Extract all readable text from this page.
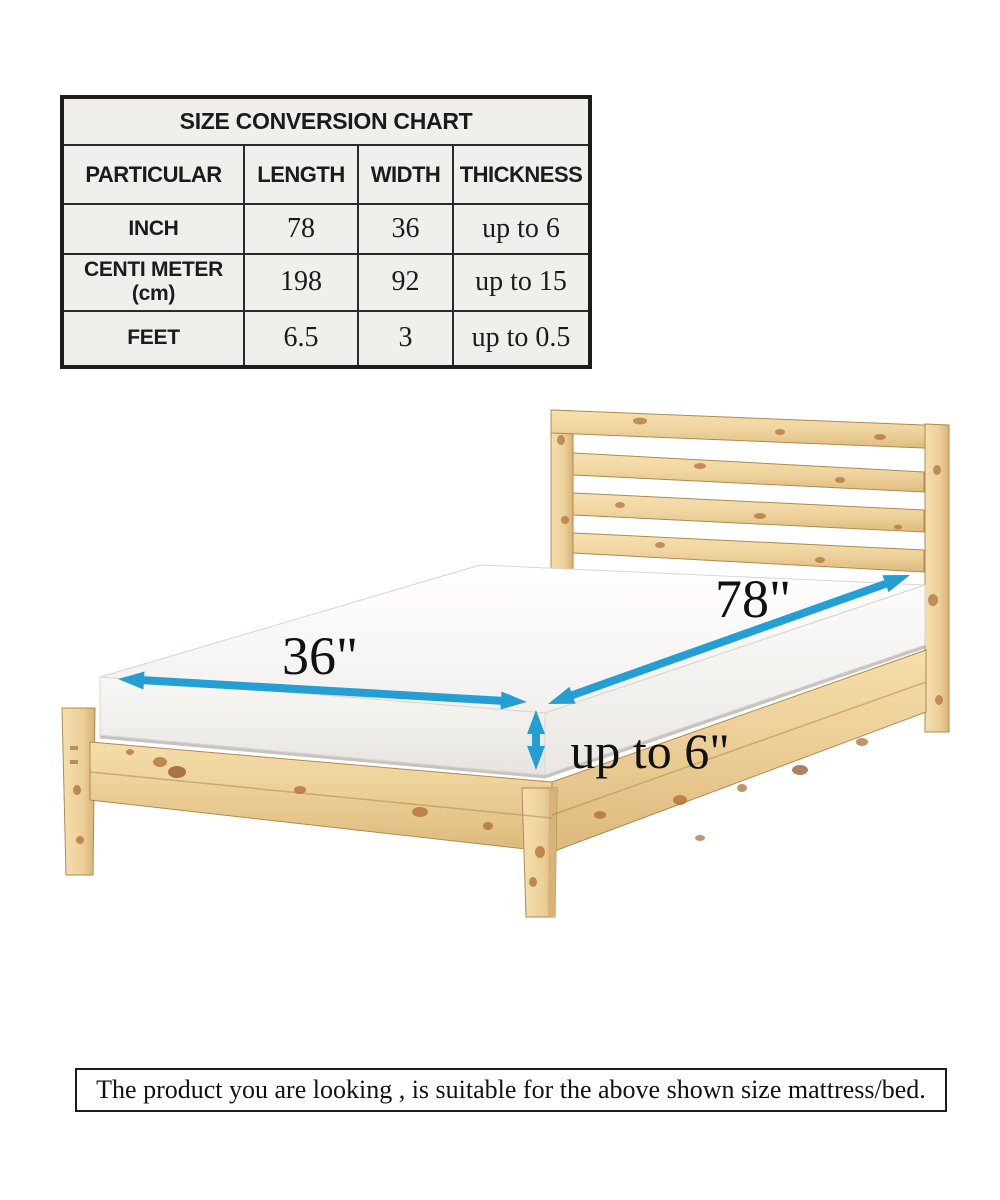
SIZE CONVERSION CHART			
PARTICULAR	LENGTH	WIDTH	THICKNESS
INCH	78	36	up to 6
CENTI METER
(cm)	198	92	up to 15
FEET	6.5	3	up to 0.5
36"
78"
up to 6"
The product you are looking , is suitable for the above shown size mattress/bed.
